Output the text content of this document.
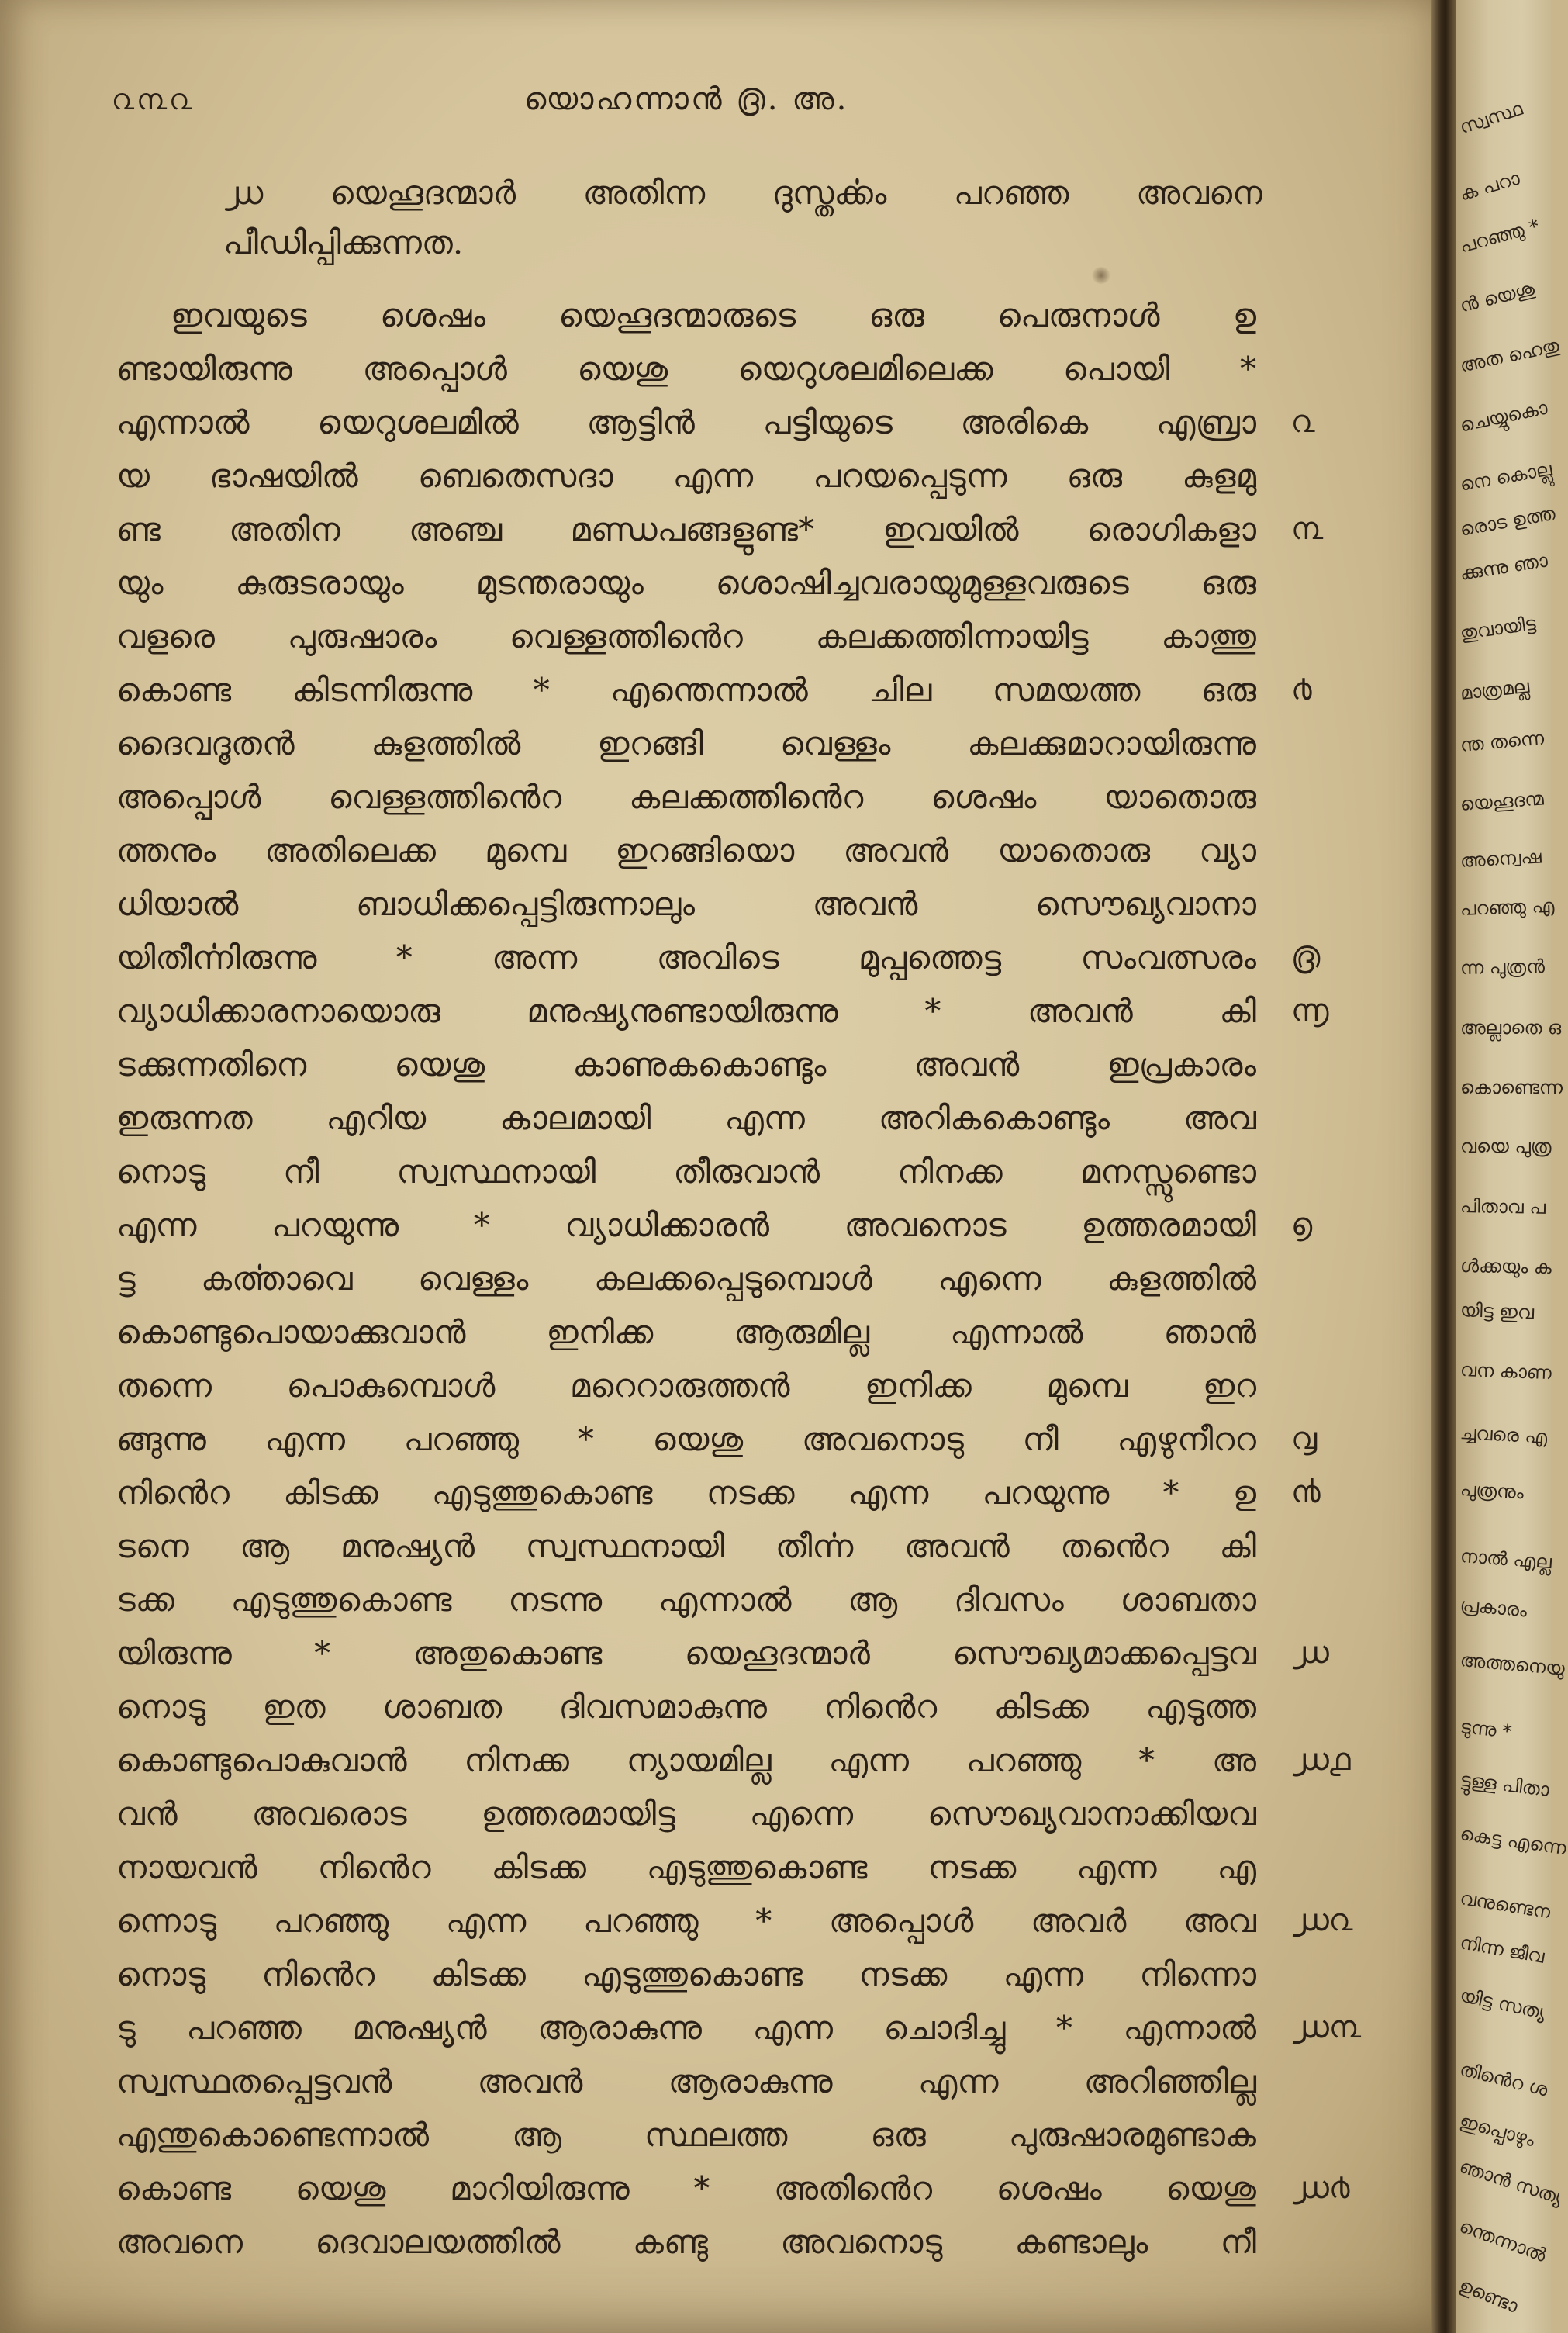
൨൩൨	യൊഹന്നാൻ ൫. അ.
൰ യെഹൂദന്മാർ അതിന്ന ദുസ്തൎക്കം പറഞ്ഞ അവനെ
പീഡിപ്പിക്കുന്നത.
ഇവയുടെ ശെഷം യെഹൂദന്മാരുടെ ഒരു പെരുനാൾ ഉ
ണ്ടായിരുന്നു അപ്പൊൾ യെശു യെറുശലമിലെക്ക പൊയി *
എന്നാൽ യെറുശലമിൽ ആട്ടിൻ പട്ടിയുടെ അരികെ എബ്രാ ൨
യ ഭാഷയിൽ ബെതെസദാ എന്ന പറയപ്പെടുന്ന ഒരു കുളമു
ണ്ട അതിന അഞ്ച മണ്ഡപങ്ങളുണ്ട* ഇവയിൽ രൊഗികളാ ൩
യും കുരുടരായും മുടന്തരായും ശൊഷിച്ചവരായുമുള്ളവരുടെ ഒരു
വളരെ പുരുഷാരം വെള്ളത്തിൻെറ കലക്കത്തിന്നായിട്ട കാത്തു
കൊണ്ട കിടന്നിരുന്നു * എന്തെന്നാൽ ചില സമയത്ത ഒരു ൪
ദൈവദൂതൻ കുളത്തിൽ ഇറങ്ങി വെള്ളം കലക്കുമാറായിരുന്നു
അപ്പൊൾ വെള്ളത്തിൻെറ കലക്കത്തിൻെറ ശെഷം യാതൊരു
ത്തനും അതിലെക്ക മുമ്പെ ഇറങ്ങിയൊ അവൻ യാതൊരു വ്യാ
ധിയാൽ ബാധിക്കപ്പെട്ടിരുന്നാലും അവൻ സൌഖ്യവാനാ
യിതീൎന്നിരുന്നു * അന്ന അവിടെ മുപ്പത്തെട്ട സംവത്സരം ൫
വ്യാധിക്കാരനായൊരു മനുഷ്യനുണ്ടായിരുന്നു * അവൻ കി ൬
ടക്കുന്നതിനെ യെശു കാണുകകൊണ്ടും അവൻ ഇപ്രകാരം
ഇരുന്നത എറിയ കാലമായി എന്ന അറികകൊണ്ടും അവ
നൊടു നീ സ്വസ്ഥനായി തീരുവാൻ നിനക്ക മനസ്സുണ്ടൊ
എന്ന പറയുന്നു * വ്യാധിക്കാരൻ അവനൊട ഉത്തരമായി ൭
ട്ട കൎത്താവെ വെള്ളം കലക്കപ്പെടുമ്പൊൾ എന്നെ കുളത്തിൽ
കൊണ്ടുപൊയാക്കുവാൻ ഇനിക്ക ആരുമില്ല എന്നാൽ ഞാൻ
തന്നെ പൊകുമ്പൊൾ മറെറാരുത്തൻ ഇനിക്ക മുമ്പെ ഇറ
ങ്ങുന്നു എന്ന പറഞ്ഞു * യെശു അവനൊടു നീ എഴുനീററ ൮
നിൻെറ കിടക്ക എടുത്തുകൊണ്ട നടക്ക എന്ന പറയുന്നു * ഉ ൯
ടനെ ആ മനുഷ്യൻ സ്വസ്ഥനായി തീൎന്ന അവൻ തൻെറ കി
ടക്ക എടുത്തുകൊണ്ട നടന്നു എന്നാൽ ആ ദിവസം ശാബതാ
യിരുന്നു * അതുകൊണ്ട യെഹൂദന്മാർ സൌഖ്യമാക്കപ്പെട്ടവ ൰
നൊടു ഇത ശാബത ദിവസമാകുന്നു നിൻെറ കിടക്ക എടുത്ത
കൊണ്ടുപൊകുവാൻ നിനക്ക ന്യായമില്ല എന്ന പറഞ്ഞു * അ ൰൧
വൻ അവരൊട ഉത്തരമായിട്ട എന്നെ സൌഖ്യവാനാക്കിയവ
നായവൻ നിൻെറ കിടക്ക എടുത്തുകൊണ്ട നടക്ക എന്ന എ
ന്നൊടു പറഞ്ഞു എന്ന പറഞ്ഞു * അപ്പൊൾ അവർ അവ ൰൨
നൊടു നിൻെറ കിടക്ക എടുത്തുകൊണ്ട നടക്ക എന്ന നിന്നൊ
ടു പറഞ്ഞ മനുഷ്യൻ ആരാകുന്നു എന്ന ചൊദിച്ചു * എന്നാൽ ൰൩
സ്വസ്ഥതപ്പെട്ടവൻ അവൻ ആരാകുന്നു എന്ന അറിഞ്ഞില്ല
എന്തുകൊണ്ടെന്നാൽ ആ സ്ഥലത്ത ഒരു പുരുഷാരമുണ്ടാക
കൊണ്ട യെശു മാറിയിരുന്നു * അതിൻെറ ശെഷം യെശു ൰൪
അവനെ ദെവാലയത്തിൽ കണ്ടു അവനൊടു കണ്ടാലും നീ
സ്വസ്ഥ
ക പറാ
പറഞ്ഞു *
ൻ യെശു
അത ഹെതു
ചെയ്യുകൊ
നെ കൊല്ലു
രൊട ഉത്ത
ക്കുന്നു ഞാ
തുവായിട്ട
മാത്രമല്ല
ന്ത തന്നെ
യെഹൂദന്മ
അന്വെഷ
പറഞ്ഞു എ
ന്ന പുത്രൻ
അല്ലാതെ ഒ
കൊണ്ടെന്ന
വയെ പുത്ര
പിതാവ പ
ൾക്കയും ക
യിട്ട ഇവ
വന കാണ
ച്ചവരെ എ
പുത്രനും
നാൽ എല്ല
പ്രകാരം
അത്തനെയു
ടുന്നു *
ട്ടുള്ള പിതാ
കെട്ട എന്നെ
വനുണ്ടെന
നിന്ന ജീവ
യിട്ട സത്യ
തിൻെറ ശ
ഇപ്പൊഴും
ഞാൻ സത്യ
ന്തെന്നാൽ
ഉണ്ടൊ
